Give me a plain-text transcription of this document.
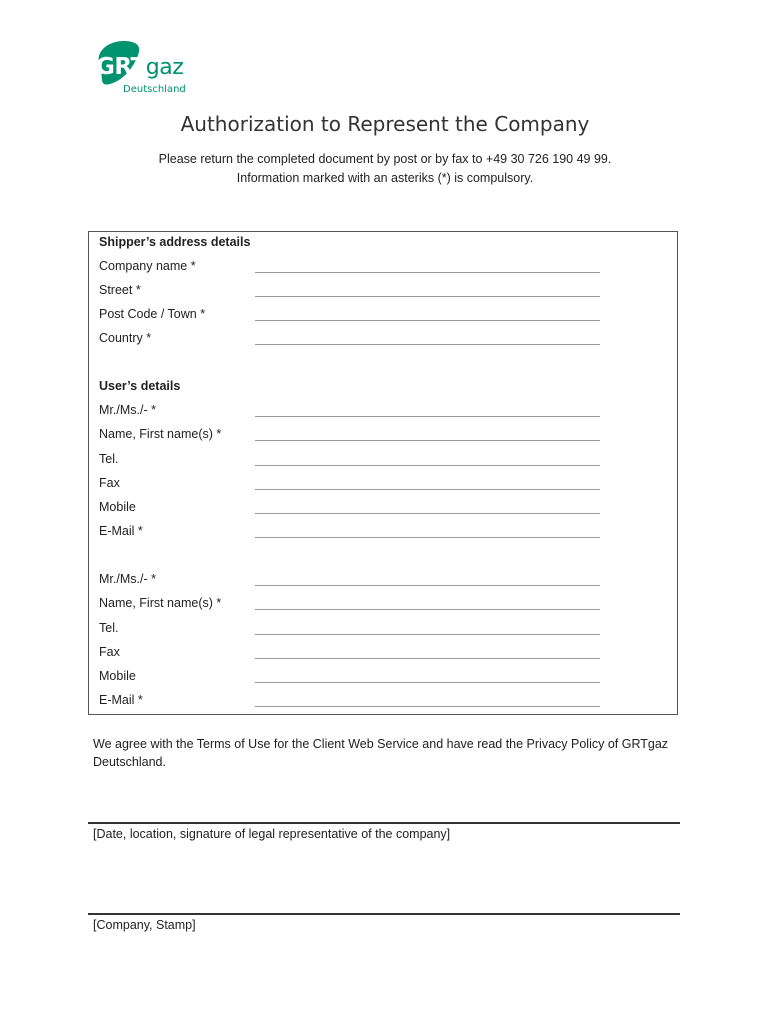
GRTgaz
Deutschland
Authorization to Represent the Company
Please return the completed document by post or by fax to +49 30 726 190 49 99.
Information marked with an asteriks (*) is compulsory.
Shipper’s address details
Company name *
Street *
Post Code / Town *
Country *
User’s details
Mr./Ms./- *
Name, First name(s) *
Tel.
Fax
Mobile
E-Mail *
Mr./Ms./- *
Name, First name(s) *
Tel.
Fax
Mobile
E-Mail *
We agree with the Terms of Use for the Client Web Service and have read the Privacy Policy of GRTgaz Deutschland.
[Date, location, signature of legal representative of the company]
[Company, Stamp]
